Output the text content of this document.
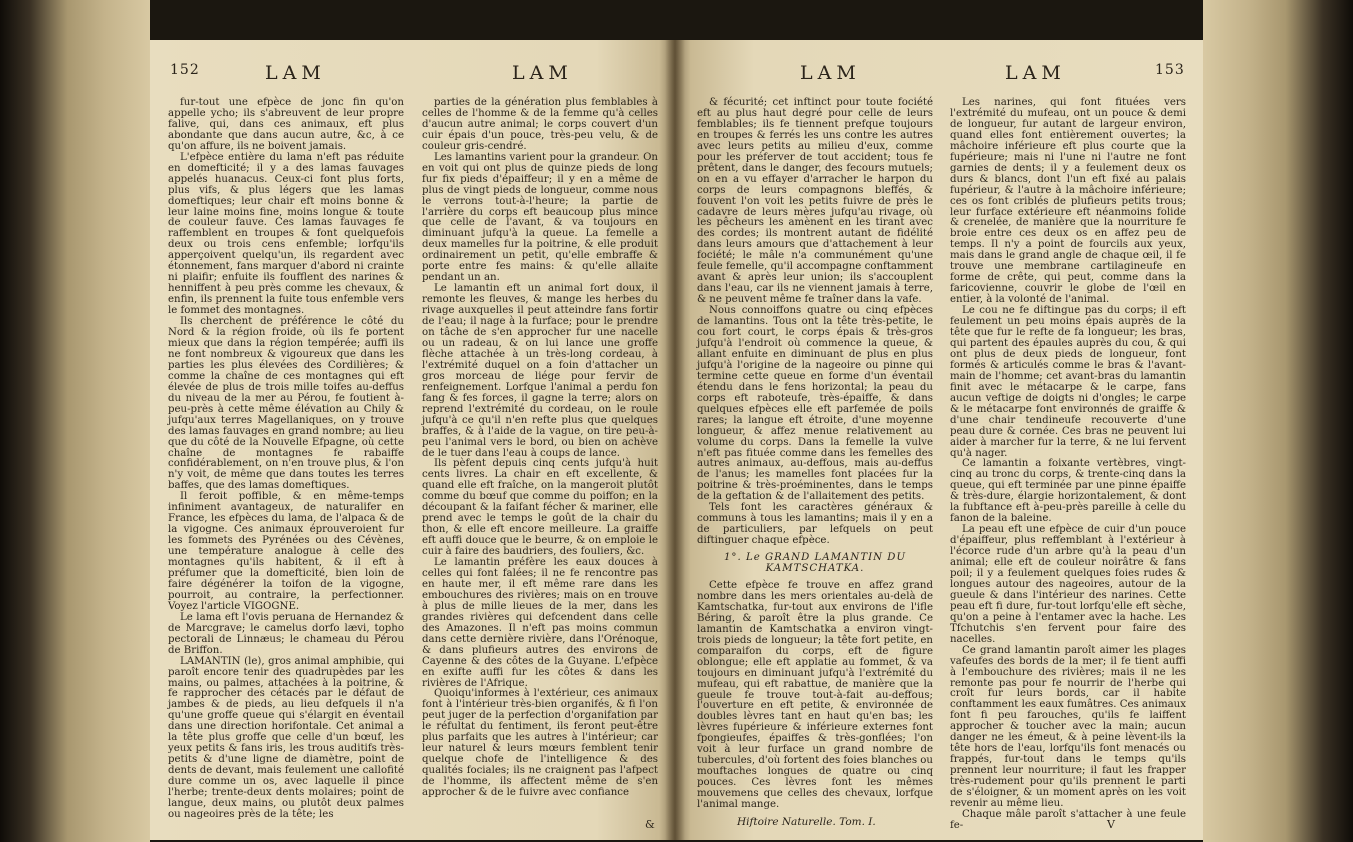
152	LAM	LAM

fur-tout une efpèce de jonc fin qu'on appelle ycho; ils s'abreuvent de leur propre falive, qui, dans ces animaux, eft plus abondante que dans aucun autre, &c, à ce qu'on affure, ils ne boivent jamais.

L'efpèce entière du lama n'eft pas réduite en domefticité; il y a des lamas fauvages appelés huanacus. Ceux-ci font plus forts, plus vifs, & plus légers que les lamas domeftiques; leur chair eft moins bonne & leur laine moins fine, moins longue & toute de couleur fauve. Ces lamas fauvages fe raffemblent en troupes & font quelquefois deux ou trois cens enfemble; lorfqu'ils apperçoivent quelqu'un, ils regardent avec étonnement, fans marquer d'abord ni crainte ni plaifir; enfuite ils foufflent des narines & henniffent à peu près comme les chevaux, & enfin, ils prennent la fuite tous enfemble vers le fommet des montagnes.

Ils cherchent de préférence le côté du Nord & la région froide, où ils fe portent mieux que dans la région tempérée; auffi ils ne font nombreux & vigoureux que dans les parties les plus élevées des Cordilières; & comme la chaîne de ces montagnes qui eft élevée de plus de trois mille toifes au-deffus du niveau de la mer au Pérou, fe foutient à-peu-près à cette même élévation au Chily & jufqu'aux terres Magellaniques, on y trouve des lamas fauvages en grand nombre; au lieu que du côté de la Nouvelle Efpagne, où cette chaîne de montagnes fe rabaiffe confidérablement, on n'en trouve plus, & l'on n'y voit, de même que dans toutes les terres baffes, que des lamas domeftiques.

Il feroit poffible, & en même-temps infiniment avantageux, de naturalifer en France, les efpèces du lama, de l'alpaca & de la vigogne. Ces animaux éprouveroient fur les fommets des Pyrénées ou des Cévènes, une température analogue à celle des montagnes qu'ils habitent, & il eft à préfumer que la domefticité, bien loin de faire dégénérer la toifon de la vigogne, pourroit, au contraire, la perfectionner. Voyez l'article VIGOGNE.

Le lama eft l'ovis peruana de Hernandez & de Marcgrave; le camelus dorfo lævi, topho pectorali de Linnæus; le chameau du Pérou de Briffon.

LAMANTIN (le), gros animal amphibie, qui paroît encore tenir des quadrupèdes par les mains, ou palmes, attachées à la poitrine, & fe rapprocher des cétacés par le défaut de jambes & de pieds, au lieu defquels il n'a qu'une groffe queue qui s'élargit en éventail dans une direction horifontale. Cet animal a la tête plus groffe que celle d'un bœuf, les yeux petits & fans iris, les trous auditifs très-petits & d'une ligne de diamètre, point de dents de devant, mais feulement une callofité dure comme un os, avec laquelle il pince l'herbe; trente-deux dents molaires; point de langue, deux mains, ou plutôt deux palmes ou nageoires près de la tête; les

parties de la génération plus femblables à celles de l'homme & de la femme qu'à celles d'aucun autre animal; le corps couvert d'un cuir épais d'un pouce, très-peu velu, & de couleur gris-cendré.

Les lamantins varient pour la grandeur. On en voit qui ont plus de quinze pieds de long fur fix pieds d'épaiffeur; il y en a même de plus de vingt pieds de longueur, comme nous le verrons tout-à-l'heure; la partie de l'arrière du corps eft beaucoup plus mince que celle de l'avant, & va toujours en diminuant jufqu'à la queue. La femelle a deux mamelles fur la poitrine, & elle produit ordinairement un petit, qu'elle embraffe & porte entre fes mains: & qu'elle allaite pendant un an.

Le lamantin eft un animal fort doux, il remonte les fleuves, & mange les herbes du rivage auxquelles il peut atteindre fans fortir de l'eau; il nage à la furface; pour le prendre on tâche de s'en approcher fur une nacelle ou un radeau, & on lui lance une groffe flèche attachée à un très-long cordeau, à l'extrémité duquel on a foin d'attacher un gros morceau de liége pour fervir de renfeignement. Lorfque l'animal a perdu fon fang & fes forces, il gagne la terre; alors on reprend l'extrémité du cordeau, on le roule jufqu'à ce qu'il n'en refte plus que quelques braffes, & à l'aide de la vague, on tire peu-à-peu l'animal vers le bord, ou bien on achève de le tuer dans l'eau à coups de lance.

Ils pèfent depuis cinq cents jufqu'à huit cents livres. La chair en eft excellente, & quand elle eft fraîche, on la mangeroit plutôt comme du bœuf que comme du poiffon; en la découpant & la faifant fécher & mariner, elle prend avec le temps le goût de la chair du thon, & elle eft encore meilleure. La graiffe eft auffi douce que le beurre, & on emploie le cuir à faire des baudriers, des fouliers, &c.

Le lamantin préfère les eaux douces à celles qui font falées; il ne fe rencontre pas en haute mer, il eft même rare dans les embouchures des rivières; mais on en trouve à plus de mille lieues de la mer, dans les grandes rivières qui defcendent dans celle des Amazones. Il n'eft pas moins commun dans cette dernière rivière, dans l'Orénoque, & dans plufieurs autres des environs de Cayenne & des côtes de la Guyane. L'efpèce en exifte auffi fur les côtes & dans les rivières de l'Afrique.

Quoiqu'informes à l'extérieur, ces animaux font à l'intérieur très-bien organifés, & fi l'on peut juger de la perfection d'organifation par le réfultat du fentiment, ils feront peut-être plus parfaits que les autres à l'intérieur; car leur naturel & leurs mœurs femblent tenir quelque chofe de l'intelligence & des qualités fociales; ils ne craignent pas l'afpect de l'homme, ils affectent même de s'en approcher & de le fuivre avec confiance

&
LAM	LAM	153

& fécurité; cet inftinct pour toute fociété eft au plus haut degré pour celle de leurs femblables; ils fe tiennent prefque toujours en troupes & ferrés les uns contre les autres avec leurs petits au milieu d'eux, comme pour les préferver de tout accident; tous fe prêtent, dans le danger, des fecours mutuels; on en a vu effayer d'arracher le harpon du corps de leurs compagnons bleffés, & fouvent l'on voit les petits fuivre de près le cadavre de leurs mères jufqu'au rivage, où les pêcheurs les amènent en les tirant avec des cordes; ils montrent autant de fidélité dans leurs amours que d'attachement à leur fociété; le mâle n'a communément qu'une feule femelle, qu'il accompagne conftamment avant & après leur union; ils s'accouplent dans l'eau, car ils ne viennent jamais à terre, & ne peuvent même fe traîner dans la vafe.

Nous connoiffons quatre ou cinq efpèces de lamantins. Tous ont la tête très-petite, le cou fort court, le corps épais & très-gros jufqu'à l'endroit où commence la queue, & allant enfuite en diminuant de plus en plus jufqu'à l'origine de la nageoire ou pinne qui termine cette queue en forme d'un éventail étendu dans le fens horizontal; la peau du corps eft raboteufe, très-épaiffe, & dans quelques efpèces elle eft parfemée de poils rares; la langue eft étroite, d'une moyenne longueur, & affez menue relativement au volume du corps. Dans la femelle la vulve n'eft pas fituée comme dans les femelles des autres animaux, au-deffous, mais au-deffus de l'anus; les mamelles font placées fur la poitrine & très-proéminentes, dans le temps de la geftation & de l'allaitement des petits.

Tels font les caractères généraux & communs à tous les lamantins; mais il y en a de particuliers, par lefquels on peut diftinguer chaque efpèce.

1°. Le GRAND LAMANTIN DU KAMTSCHATKA.

Cette efpèce fe trouve en affez grand nombre dans les mers orientales au-delà de Kamtschatka, fur-tout aux environs de l'ifle Béring, & paroît être la plus grande. Ce lamantin de Kamtschatka a environ vingt-trois pieds de longueur; la tête fort petite, en comparaifon du corps, eft de figure oblongue; elle eft applatie au fommet, & va toujours en diminuant jufqu'à l'extrémité du mufeau, qui eft rabattue, de manière que la gueule fe trouve tout-à-fait au-deffous; l'ouverture en eft petite, & environnée de doubles lèvres tant en haut qu'en bas; les lèvres fupérieure & inférieure externes font fpongieufes, épaiffes & très-gonflées; l'on voit à leur furface un grand nombre de tubercules, d'où fortent des foies blanches ou mouftaches longues de quatre ou cinq pouces. Ces lèvres font les mêmes mouvemens que celles des chevaux, lorfque l'animal mange.

Les narines, qui font fituées vers l'extrémité du mufeau, ont un pouce & demi de longueur, fur autant de largeur environ, quand elles font entièrement ouvertes; la mâchoire inférieure eft plus courte que la fupérieure; mais ni l'une ni l'autre ne font garnies de dents; il y a feulement deux os durs & blancs, dont l'un eft fixé au palais fupérieur, & l'autre à la mâchoire inférieure; ces os font criblés de plufieurs petits trous; leur furface extérieure eft néanmoins folide & crenelée, de manière que la nourriture fe broie entre ces deux os en affez peu de temps. Il n'y a point de fourcils aux yeux, mais dans le grand angle de chaque œil, il fe trouve une membrane cartilagineufe en forme de crête, qui peut, comme dans la faricovienne, couvrir le globe de l'œil en entier, à la volonté de l'animal.

Le cou ne fe diftingue pas du corps; il eft feulement un peu moins épais auprès de la tête que fur le refte de fa longueur; les bras, qui partent des épaules auprès du cou, & qui ont plus de deux pieds de longueur, font formés & articulés comme le bras & l'avant-main de l'homme; cet avant-bras du lamantin finit avec le métacarpe & le carpe, fans aucun veftige de doigts ni d'ongles; le carpe & le métacarpe font environnés de graiffe & d'une chair tendineufe recouverte d'une peau dure & cornée. Ces bras ne peuvent lui aider à marcher fur la terre, & ne lui fervent qu'à nager.

Ce lamantin a foixante vertèbres, vingt-cinq au tronc du corps, & trente-cinq dans la queue, qui eft terminée par une pinne épaiffe & très-dure, élargie horizontalement, & dont la fubftance eft à-peu-près pareille à celle du fanon de la baleine.

La peau eft une efpèce de cuir d'un pouce d'épaiffeur, plus reffemblant à l'extérieur à l'écorce rude d'un arbre qu'à la peau d'un animal; elle eft de couleur noirâtre & fans poil; il y a feulement quelques foies rudes & longues autour des nageoires, autour de la gueule & dans l'intérieur des narines. Cette peau eft fi dure, fur-tout lorfqu'elle eft sèche, qu'on a peine à l'entamer avec la hache. Les Tfchutchis s'en fervent pour faire des nacelles.

Ce grand lamantin paroît aimer les plages vafeufes des bords de la mer; il fe tient auffi à l'embouchure des rivières; mais il ne les remonte pas pour fe nourrir de l'herbe qui croît fur leurs bords, car il habite conftamment les eaux fumâtres. Ces animaux font fi peu farouches, qu'ils fe laiffent approcher & toucher avec la main; aucun danger ne les émeut, & à peine lèvent-ils la tête hors de l'eau, lorfqu'ils font menacés ou frappés, fur-tout dans le temps qu'ils prennent leur nourriture; il faut les frapper très-rudement pour qu'ils prennent le parti de s'éloigner, & un moment après on les voit revenir au même lieu.

Chaque mâle paroît s'attacher à une feule fe-

Hiftoire Naturelle. Tom. I.	V
